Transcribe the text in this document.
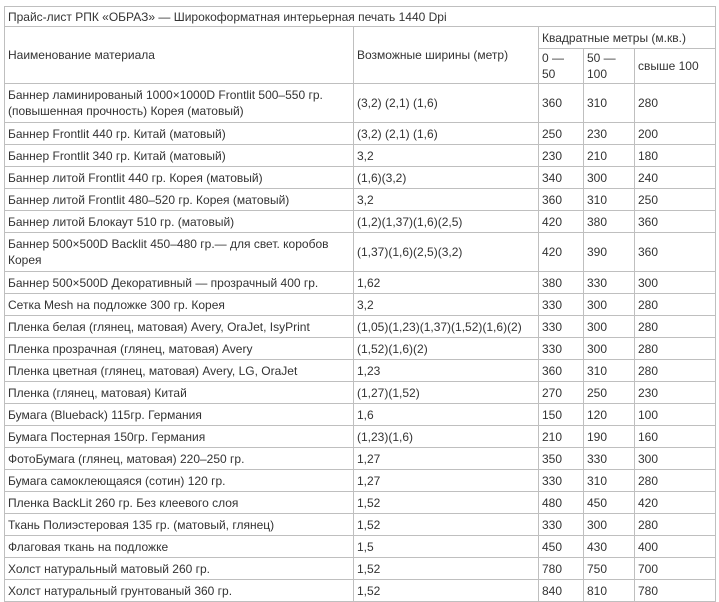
Прайс-лист РПК «ОБРАЗ» — Широкоформатная интерьерная печать 1440 Dpi				
Наименование материала	Возможные ширины (метр)	Квадратные метры (м.кв.)		
		0 — 50	50 — 100	свыше 100
Баннер ламинированый 1000×1000D Frontlit 500–550 гр. (повышенная прочность) Корея (матовый)	(3,2) (2,1) (1,6)	360	310	280
Баннер Frontlit 440 гр. Китай (матовый)	(3,2) (2,1) (1,6)	250	230	200
Баннер Frontlit 340 гр. Китай (матовый)	3,2	230	210	180
Баннер литой Frontlit 440 гр. Корея (матовый)	(1,6)(3,2)	340	300	240
Баннер литой Frontlit 480–520 гр. Корея (матовый)	3,2	360	310	250
Баннер литой Блокаут 510 гр. (матовый)	(1,2)(1,37)(1,6)(2,5)	420	380	360
Баннер 500×500D Backlit 450–480 гр.— для свет. коробов Корея	(1,37)(1,6)(2,5)(3,2)	420	390	360
Баннер 500×500D Декоративный — прозрачный 400 гр.	1,62	380	330	300
Сетка Mesh на подложке 300 гр. Корея	3,2	330	300	280
Пленка белая (глянец, матовая) Avery, OraJet, IsyPrint	(1,05)(1,23)(1,37)(1,52)(1,6)(2)	330	300	280
Пленка прозрачная (глянец, матовая) Avery	(1,52)(1,6)(2)	330	300	280
Пленка цветная (глянец, матовая) Avery, LG, OraJet	1,23	360	310	280
Пленка (глянец, матовая) Китай	(1,27)(1,52)	270	250	230
Бумага (Blueback) 115гр. Германия	1,6	150	120	100
Бумага Постерная 150гр. Германия	(1,23)(1,6)	210	190	160
ФотоБумага (глянец, матовая) 220–250 гр.	1,27	350	330	300
Бумага самоклеющаяся (сотин) 120 гр.	1,27	330	310	280
Пленка BackLit 260 гр. Без клеевого слоя	1,52	480	450	420
Ткань Полиэстеровая 135 гр. (матовый, глянец)	1,52	330	300	280
Флаговая ткань на подложке	1,5	450	430	400
Холст натуральный матовый 260 гр.	1,52	780	750	700
Холст натуральный грунтованый 360 гр.	1,52	840	810	780
